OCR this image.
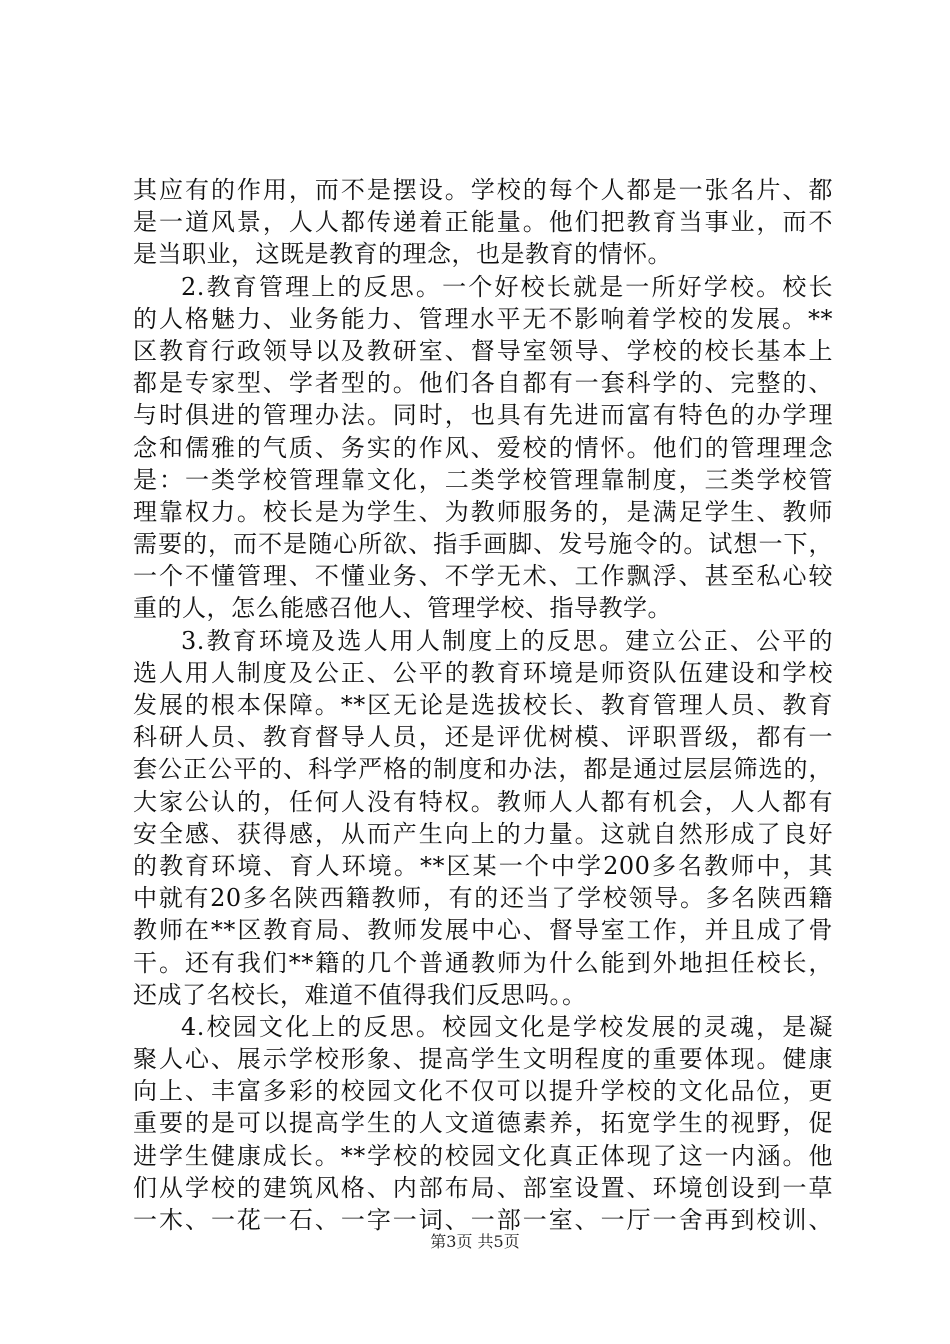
其应有的作用，而不是摆设。学校的每个人都是一张名片、都
是一道风景，人人都传递着正能量。他们把教育当事业，而不
是当职业，这既是教育的理念，也是教育的情怀。
2.教育管理上的反思。一个好校长就是一所好学校。校长
的人格魅力、业务能力、管理水平无不影响着学校的发展。**
区教育行政领导以及教研室、督导室领导、学校的校长基本上
都是专家型、学者型的。他们各自都有一套科学的、完整的、
与时俱进的管理办法。同时，也具有先进而富有特色的办学理
念和儒雅的气质、务实的作风、爱校的情怀。他们的管理理念
是：一类学校管理靠文化，二类学校管理靠制度，三类学校管
理靠权力。校长是为学生、为教师服务的，是满足学生、教师
需要的，而不是随心所欲、指手画脚、发号施令的。试想一下，
一个不懂管理、不懂业务、不学无术、工作飘浮、甚至私心较
重的人，怎么能感召他人、管理学校、指导教学。
3.教育环境及选人用人制度上的反思。建立公正、公平的
选人用人制度及公正、公平的教育环境是师资队伍建设和学校
发展的根本保障。**区无论是选拔校长、教育管理人员、教育
科研人员、教育督导人员，还是评优树模、评职晋级，都有一
套公正公平的、科学严格的制度和办法，都是通过层层筛选的，
大家公认的，任何人没有特权。教师人人都有机会，人人都有
安全感、获得感，从而产生向上的力量。这就自然形成了良好
的教育环境、育人环境。**区某一个中学200多名教师中，其
中就有20多名陕西籍教师，有的还当了学校领导。多名陕西籍
教师在**区教育局、教师发展中心、督导室工作，并且成了骨
干。还有我们**籍的几个普通教师为什么能到外地担任校长，
还成了名校长，难道不值得我们反思吗。。
4.校园文化上的反思。校园文化是学校发展的灵魂，是凝
聚人心、展示学校形象、提高学生文明程度的重要体现。健康
向上、丰富多彩的校园文化不仅可以提升学校的文化品位，更
重要的是可以提高学生的人文道德素养，拓宽学生的视野，促
进学生健康成长。**学校的校园文化真正体现了这一内涵。他
们从学校的建筑风格、内部布局、部室设置、环境创设到一草
一木、一花一石、一字一词、一部一室、一厅一舍再到校训、
第3页 共5页
